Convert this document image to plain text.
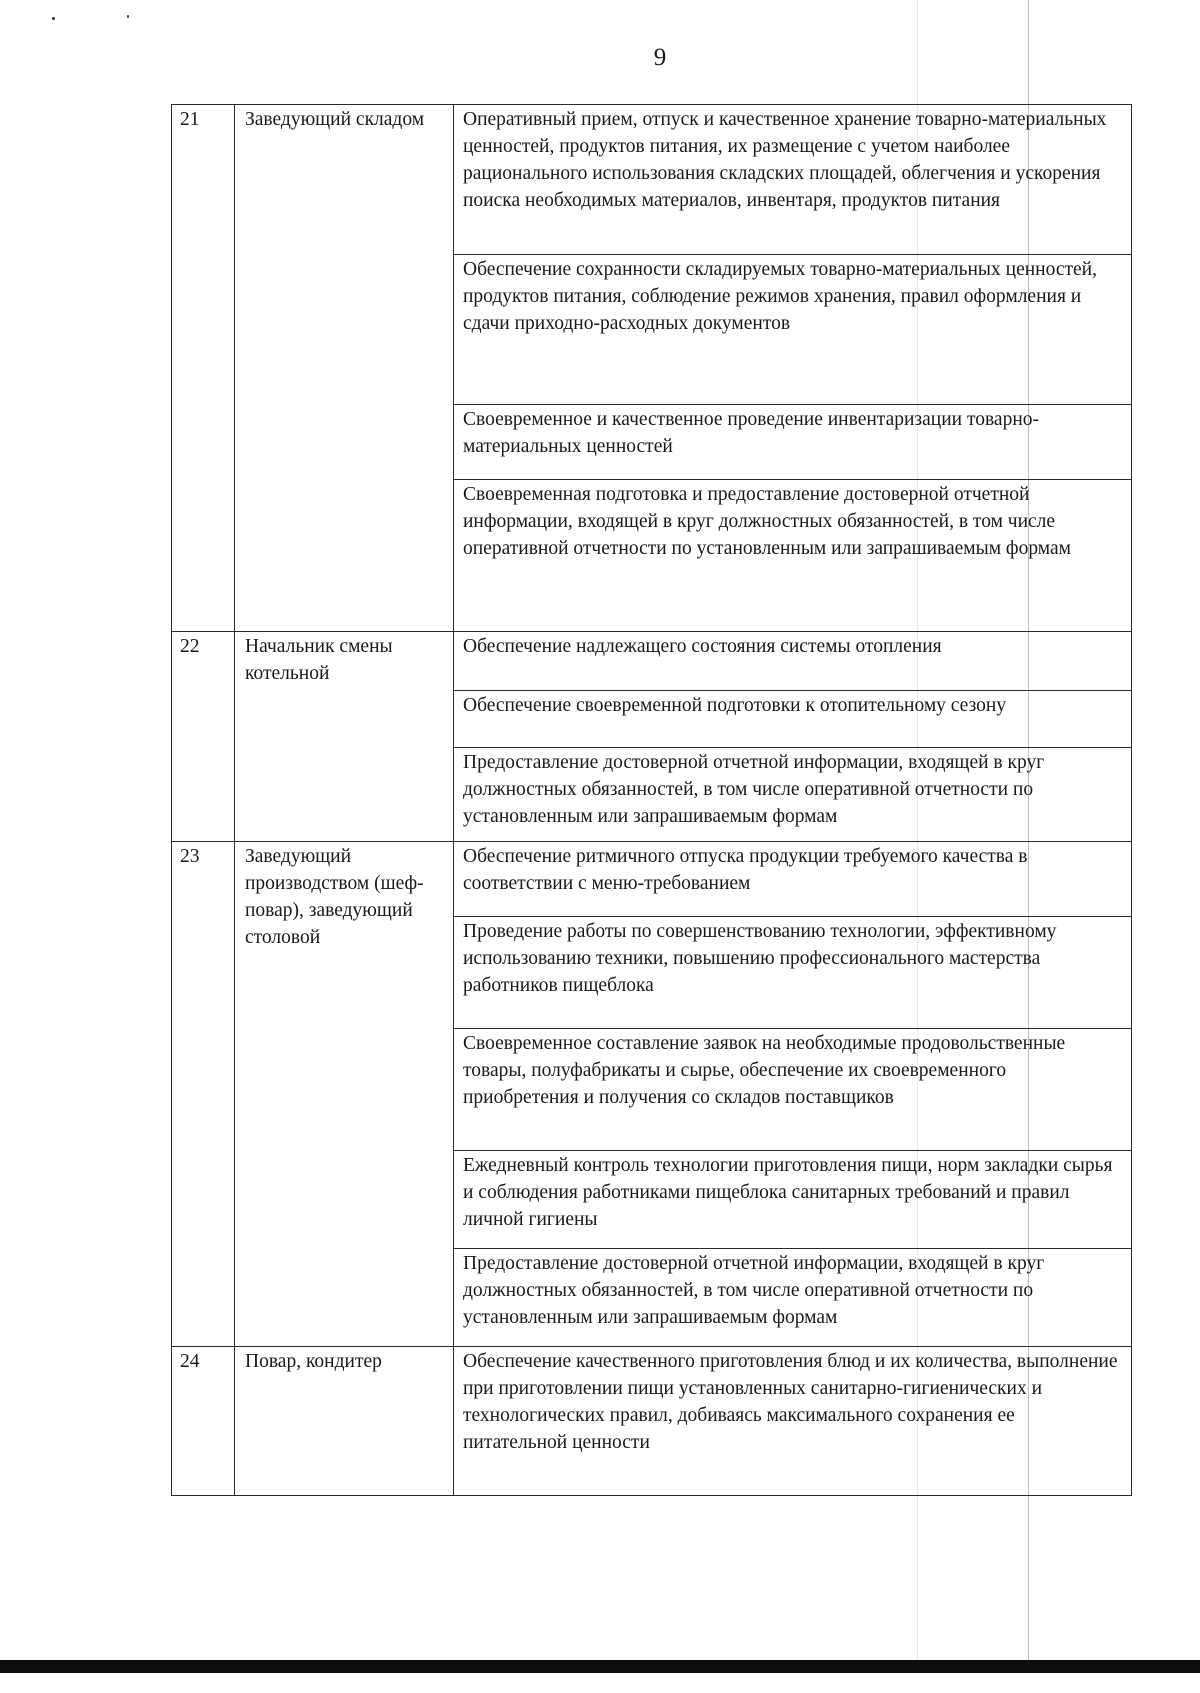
9
21	Заведующий складом	Оперативный прием, отпуск и качественное хранение товарно-материальных ценностей, продуктов питания, их размещение с учетом наиболее рационального использования складских площадей, облегчения и ускорения поиска необходимых материалов, инвентаря, продуктов питания
		Обеспечение сохранности складируемых товарно-материальных ценностей, продуктов питания, соблюдение режимов хранения, правил оформления и сдачи приходно-расходных документов
		Своевременное и качественное проведение инвентаризации товарно-материальных ценностей
		Своевременная подготовка и предоставление достоверной отчетной информации, входящей в круг должностных обязанностей, в том числе оперативной отчетности по установленным или запрашиваемым формам
22	Начальник смены котельной	Обеспечение надлежащего состояния системы отопления
		Обеспечение своевременной подготовки к отопительному сезону
		Предоставление достоверной отчетной информации, входящей в круг должностных обязанностей, в том числе оперативной отчетности по установленным или запрашиваемым формам
23	Заведующий производством (шеф-повар), заведующий столовой	Обеспечение ритмичного отпуска продукции требуемого качества в соответствии с меню-требованием
		Проведение работы по совершенствованию технологии, эффективному использованию техники, повышению профессионального мастерства работников пищеблока
		Своевременное составление заявок на необходимые продовольственные товары, полуфабрикаты и сырье, обеспечение их своевременного приобретения и получения со складов поставщиков
		Ежедневный контроль технологии приготовления пищи, норм закладки сырья и соблюдения работниками пищеблока санитарных требований и правил личной гигиены
		Предоставление достоверной отчетной информации, входящей в круг должностных обязанностей, в том числе оперативной отчетности по установленным или запрашиваемым формам
24	Повар, кондитер	Обеспечение качественного приготовления блюд и их количества, выполнение при приготовлении пищи установленных санитарно-гигиенических и технологических правил, добиваясь максимального сохранения ее питательной ценности
